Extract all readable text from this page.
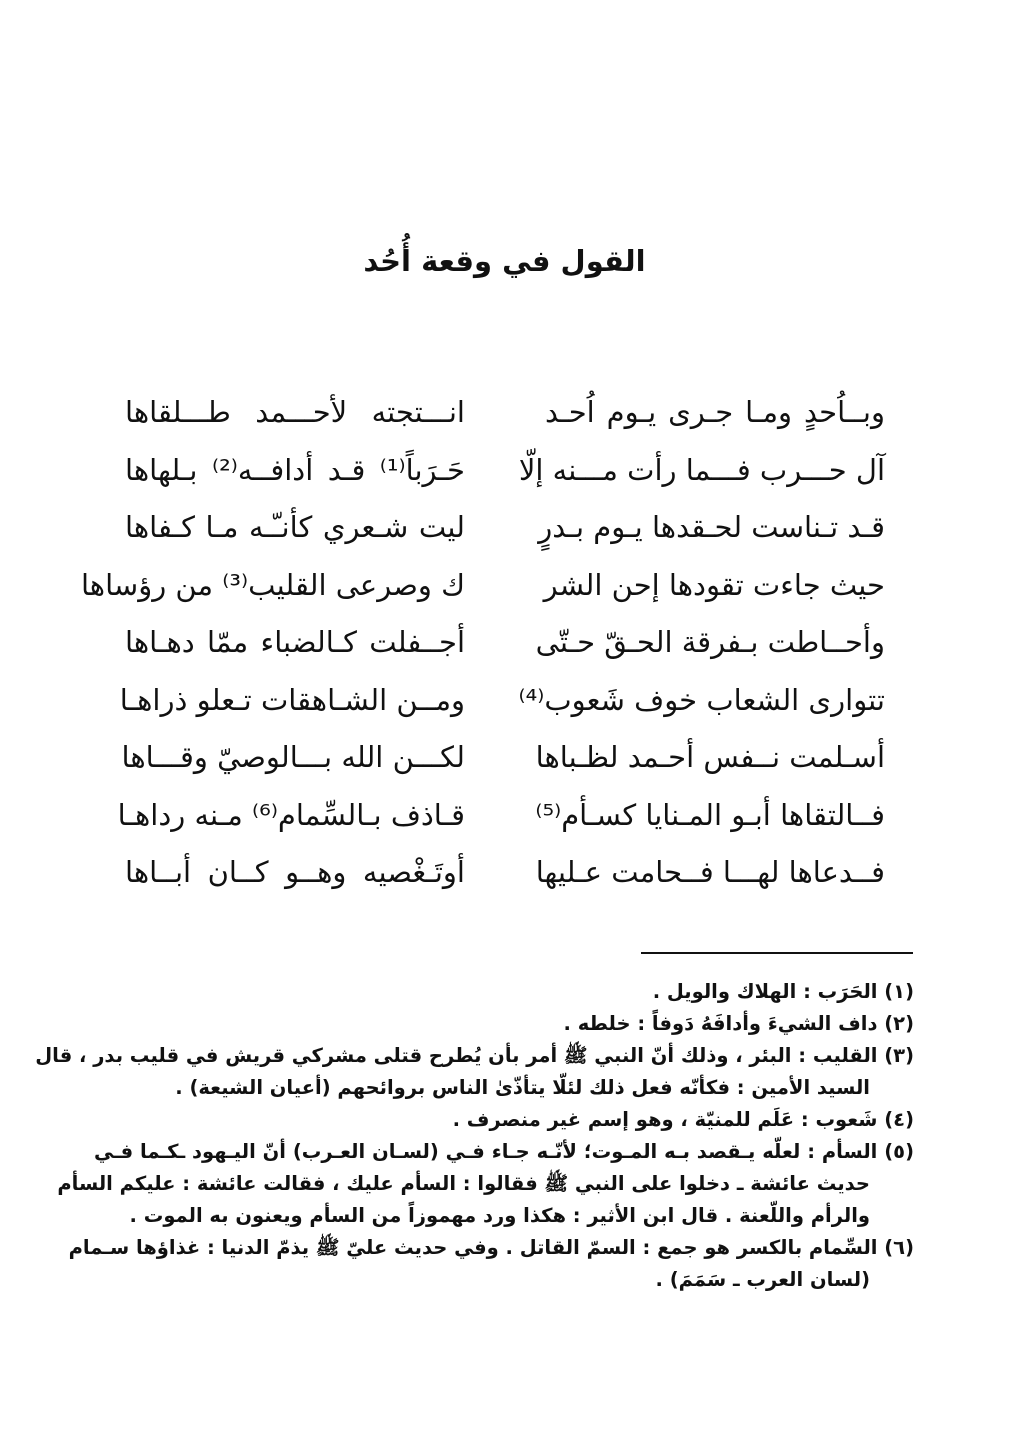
القول في وقعة أُحُد
وبــاُحدٍ ومـا جـرى يـوم اُحـد
انـــتجته لأحـــمد طـــلقاها
آل حـــرب فـــما رأت مـــنه إلّا
حَـرَباً⁽¹⁾ قـد أدافــه⁽²⁾ بـلهاها
قـد تـناست لحـقدها يـوم بـدرٍ
ليت شـعري كأنـّـه مـا كـفاها
حيث جاءت تقودها إحن الشر
ك وصرعى القليب⁽³⁾ من رؤساها
وأحــاطت بـفرقة الحـقّ حـتّى
أجــفلت كـالضباء ممّا دهـاها
تتوارى الشعاب خوف شَعوب⁽⁴⁾
ومــن الشـاهقات تـعلو ذراهـا
أسـلمت نــفس أحـمد لظـباها
لكـــن الله بـــالوصيّ وقـــاها
فــالتقاها أبـو المـنايا كسـأم⁽⁵⁾
قـاذف بـالسِّمام⁽⁶⁾ مـنه رداهـا
فــدعاها لهـــا فــحامت عـليها
أوتَـغْصيه وهــو كــان أبــاها
(١) الحَرَب : الهلاك والويل .
(٢) داف الشيءَ وأدافَهُ دَوفاً : خلطه .
(٣) القليب : البئر ، وذلك أنّ النبي ﷺ أمر بأن يُطرح قتلى مشركي قريش في قليب بدر ، قال
السيد الأمين : فكأنّه فعل ذلك لئلّا يتأذّىٰ الناس بروائحهم (أعيان الشيعة) .
(٤) شَعوب : عَلَم للمنيّة ، وهو إسم غير منصرف .
(٥) السأم : لعلّه يـقصد بـه المـوت؛ لأنّـه جـاء فـي (لسـان العـرب) أنّ اليـهود ـكـما فـي
حديث عائشة ـ دخلوا على النبي ﷺ فقالوا : السأم عليك ، فقالت عائشة : عليكم السأم
والرأم واللّعنة . قال ابن الأثير : هكذا ورد مهموزاً من السأم ويعنون به الموت .
(٦) السِّمام بالكسر هو جمع : السمّ القاتل . وفي حديث عليّ ﷺ يذمّ الدنيا : غذاؤها سـمام
(لسان العرب ـ سَمَمَ) .
